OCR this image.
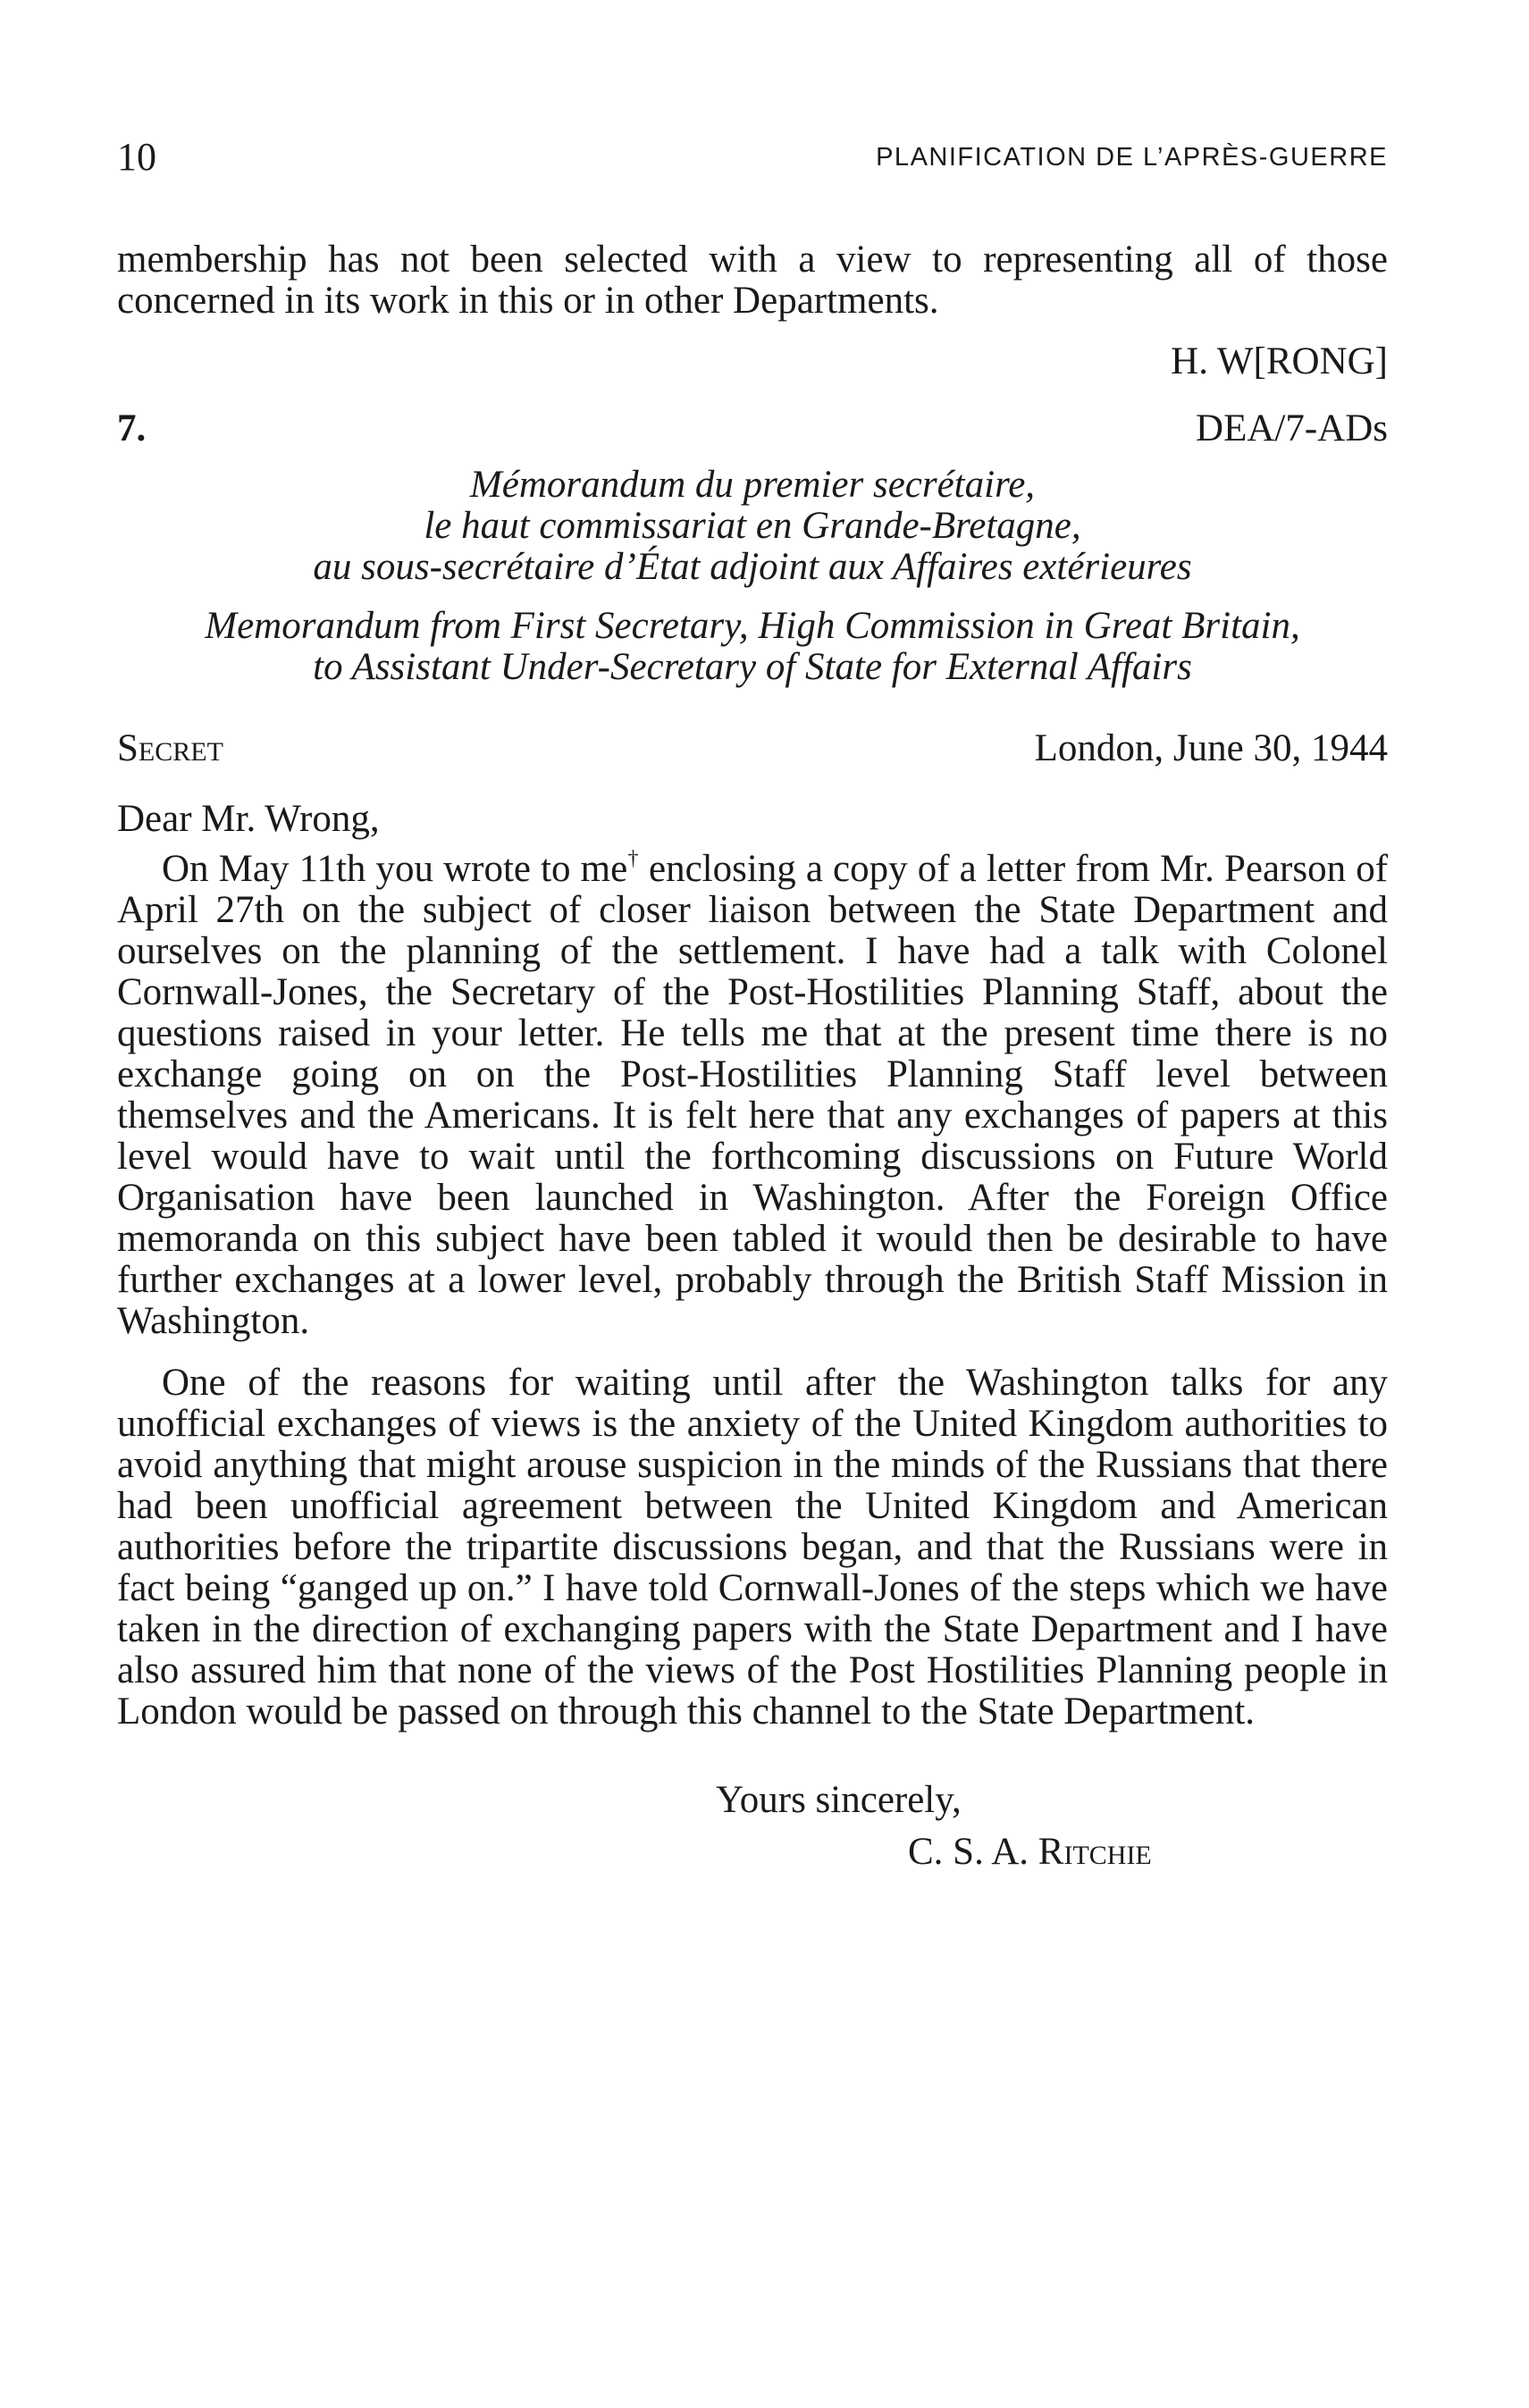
10	PLANIFICATION DE L’APRÈS-GUERRE

membership has not been selected with a view to representing all of those concerned in its work in this or in other Departments.

H. W[RONG]
7.	DEA/7-ADs

Mémorandum du premier secrétaire,

le haut commissariat en Grande-Bretagne,

au sous-secrétaire d’État adjoint aux Affaires extérieures

Memorandum from First Secretary, High Commission in Great Britain,

to Assistant Under-Secretary of State for External Affairs

Secret	London, June 30, 1944
Dear Mr. Wrong,

On May 11th you wrote to me† enclosing a copy of a letter from Mr. Pearson of April 27th on the subject of closer liaison between the State Department and ourselves on the planning of the settlement. I have had a talk with Colonel Cornwall-Jones, the Secretary of the Post-Hostilities Planning Staff, about the questions raised in your letter. He tells me that at the present time there is no exchange going on on the Post-Hostilities Planning Staff level between themselves and the Americans. It is felt here that any exchanges of papers at this level would have to wait until the forthcoming discussions on Future World Organisation have been launched in Washington. After the Foreign Office memoranda on this subject have been tabled it would then be desirable to have further exchanges at a lower level, probably through the British Staff Mission in Washington.

One of the reasons for waiting until after the Washington talks for any unofficial exchanges of views is the anxiety of the United Kingdom authorities to avoid anything that might arouse suspicion in the minds of the Russians that there had been unofficial agreement between the United Kingdom and American authorities before the tripartite discussions began, and that the Russians were in fact being “ganged up on.” I have told Cornwall-Jones of the steps which we have taken in the direction of exchanging papers with the State Department and I have also assured him that none of the views of the Post Hostilities Planning people in London would be passed on through this channel to the State Department.

Yours sincerely,
C. S. A. Ritchie
